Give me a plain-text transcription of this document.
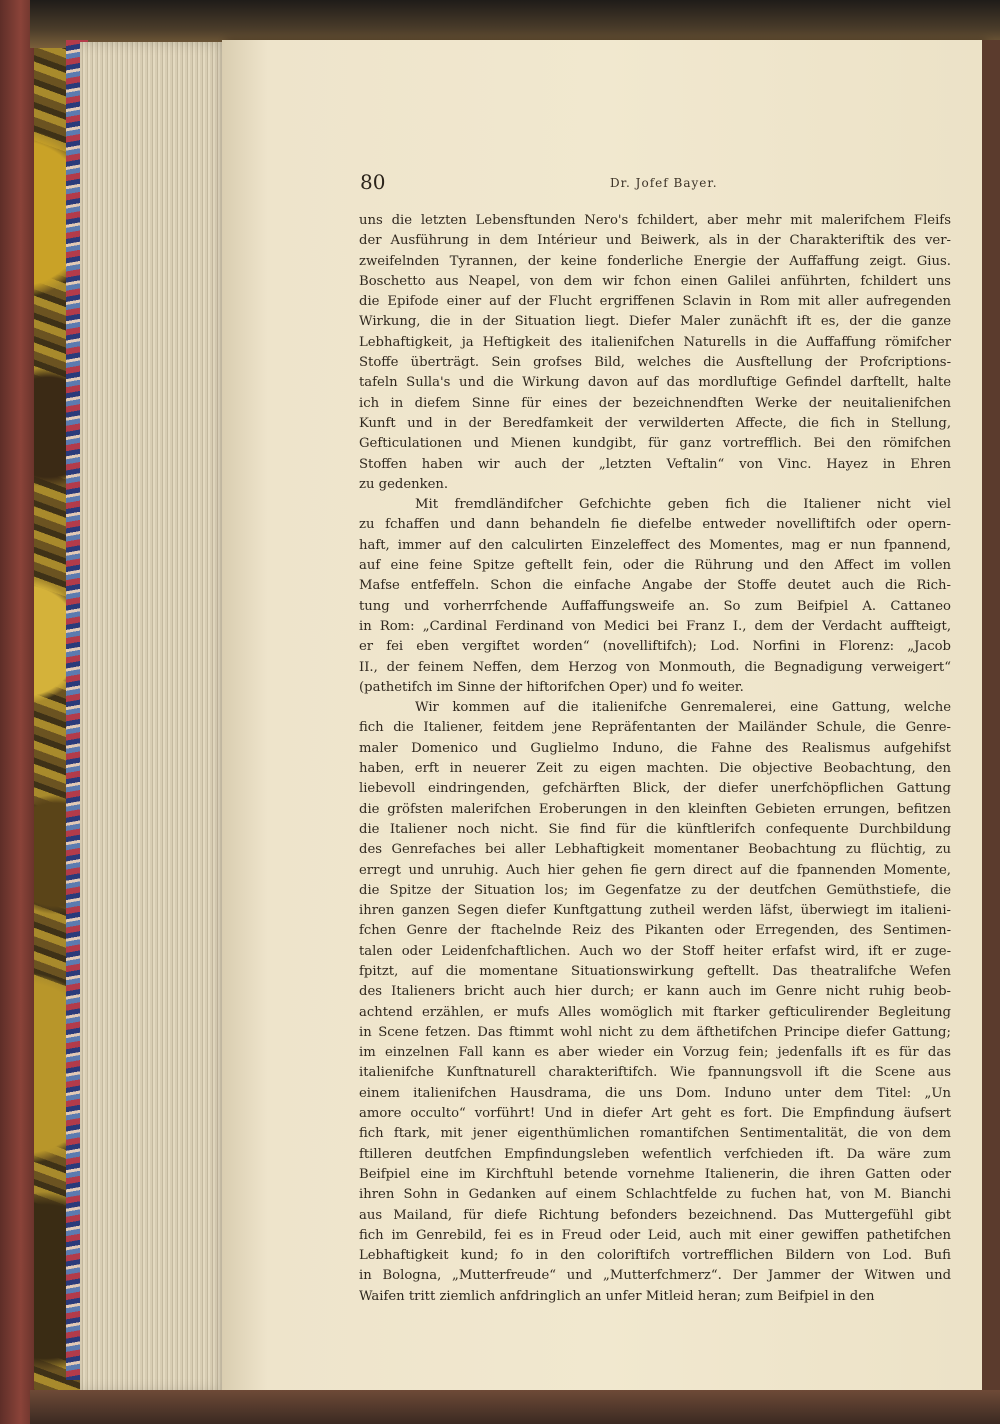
80	Dr. Jofef Bayer.
uns die letzten Lebensftunden Nero's fchildert, aber mehr mit malerifchem Fleifs
der Ausführung in dem Intérieur und Beiwerk, als in der Charakteriftik des ver-
zweifelnden Tyrannen, der keine fonderliche Energie der Auffaffung zeigt. Gius.
Boschetto aus Neapel, von dem wir fchon einen Galilei anführten, fchildert uns
die Epifode einer auf der Flucht ergriffenen Sclavin in Rom mit aller aufregenden
Wirkung, die in der Situation liegt. Diefer Maler zunächft ift es, der die ganze
Lebhaftigkeit, ja Heftigkeit des italienifchen Naturells in die Auffaffung römifcher
Stoffe überträgt. Sein grofses Bild, welches die Ausftellung der Profcriptions-
tafeln Sulla's und die Wirkung davon auf das mordluftige Gefindel darftellt, halte
ich in diefem Sinne für eines der bezeichnendften Werke der neuitalienifchen
Kunft und in der Beredfamkeit der verwilderten Affecte, die fich in Stellung,
Gefticulationen und Mienen kundgibt, für ganz vortrefflich. Bei den römifchen
Stoffen haben wir auch der „letzten Veftalin“ von Vinc. Hayez in Ehren
zu gedenken.
Mit fremdländifcher Gefchichte geben fich die Italiener nicht viel
zu fchaffen und dann behandeln fie diefelbe entweder novelliftifch oder opern-
haft, immer auf den calculirten Einzeleffect des Momentes, mag er nun fpannend,
auf eine feine Spitze geftellt fein, oder die Rührung und den Affect im vollen
Mafse entfeffeln. Schon die einfache Angabe der Stoffe deutet auch die Rich-
tung und vorherrfchende Auffaffungsweife an. So zum Beifpiel A. Cattaneo
in Rom: „Cardinal Ferdinand von Medici bei Franz I., dem der Verdacht auffteigt,
er fei eben vergiftet worden“ (novelliftifch); Lod. Norfini in Florenz: „Jacob
II., der feinem Neffen, dem Herzog von Monmouth, die Begnadigung verweigert“
(pathetifch im Sinne der hiftorifchen Oper) und fo weiter.
Wir kommen auf die italienifche Genremalerei, eine Gattung, welche
fich die Italiener, feitdem jene Repräfentanten der Mailänder Schule, die Genre-
maler Domenico und Guglielmo Induno, die Fahne des Realismus aufgehifst
haben, erft in neuerer Zeit zu eigen machten. Die objective Beobachtung, den
liebevoll eindringenden, gefchärften Blick, der diefer unerfchöpflichen Gattung
die gröfsten malerifchen Eroberungen in den kleinften Gebieten errungen, befitzen
die Italiener noch nicht. Sie find für die künftlerifch confequente Durchbildung
des Genrefaches bei aller Lebhaftigkeit momentaner Beobachtung zu flüchtig, zu
erregt und unruhig. Auch hier gehen fie gern direct auf die fpannenden Momente,
die Spitze der Situation los; im Gegenfatze zu der deutfchen Gemüthstiefe, die
ihren ganzen Segen diefer Kunftgattung zutheil werden läfst, überwiegt im italieni-
fchen Genre der ftachelnde Reiz des Pikanten oder Erregenden, des Sentimen-
talen oder Leidenfchaftlichen. Auch wo der Stoff heiter erfafst wird, ift er zuge-
fpitzt, auf die momentane Situationswirkung geftellt. Das theatralifche Wefen
des Italieners bricht auch hier durch; er kann auch im Genre nicht ruhig beob-
achtend erzählen, er mufs Alles womöglich mit ftarker gefticulirender Begleitung
in Scene fetzen. Das ftimmt wohl nicht zu dem äfthetifchen Principe diefer Gattung;
im einzelnen Fall kann es aber wieder ein Vorzug fein; jedenfalls ift es für das
italienifche Kunftnaturell charakteriftifch. Wie fpannungsvoll ift die Scene aus
einem italienifchen Hausdrama, die uns Dom. Induno unter dem Titel: „Un
amore occulto“ vorführt! Und in diefer Art geht es fort. Die Empfindung äufsert
fich ftark, mit jener eigenthümlichen romantifchen Sentimentalität, die von dem
ftilleren deutfchen Empfindungsleben wefentlich verfchieden ift. Da wäre zum
Beifpiel eine im Kirchftuhl betende vornehme Italienerin, die ihren Gatten oder
ihren Sohn in Gedanken auf einem Schlachtfelde zu fuchen hat, von M. Bianchi
aus Mailand, für diefe Richtung befonders bezeichnend. Das Muttergefühl gibt
fich im Genrebild, fei es in Freud oder Leid, auch mit einer gewiffen pathetifchen
Lebhaftigkeit kund; fo in den coloriftifch vortrefflichen Bildern von Lod. Bufi
in Bologna, „Mutterfreude“ und „Mutterfchmerz“. Der Jammer der Witwen und
Waifen tritt ziemlich anfdringlich an unfer Mitleid heran; zum Beifpiel in den
